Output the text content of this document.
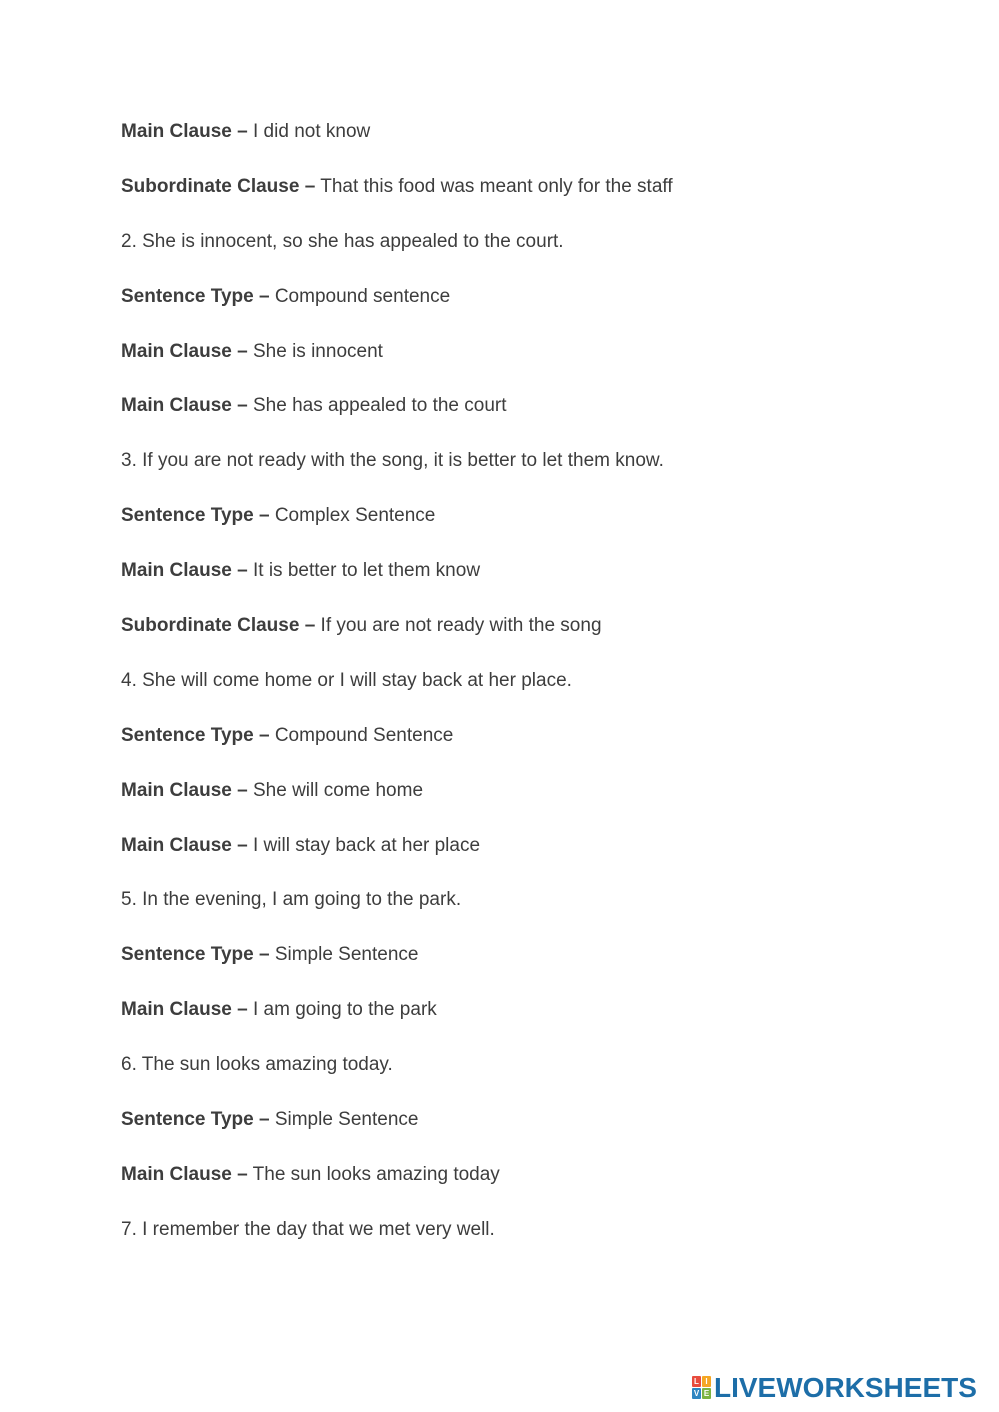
Main Clause – I did not know
Subordinate Clause – That this food was meant only for the staff
2. She is innocent, so she has appealed to the court.
Sentence Type – Compound sentence
Main Clause – She is innocent
Main Clause – She has appealed to the court
3. If you are not ready with the song, it is better to let them know.
Sentence Type – Complex Sentence
Main Clause – It is better to let them know
Subordinate Clause – If you are not ready with the song
4. She will come home or I will stay back at her place.
Sentence Type – Compound Sentence
Main Clause – She will come home
Main Clause – I will stay back at her place
5. In the evening, I am going to the park.
Sentence Type – Simple Sentence
Main Clause – I am going to the park
6. The sun looks amazing today.
Sentence Type – Simple Sentence
Main Clause – The sun looks amazing today
7. I remember the day that we met very well.
L I
V E LIVEWORKSHEETS
